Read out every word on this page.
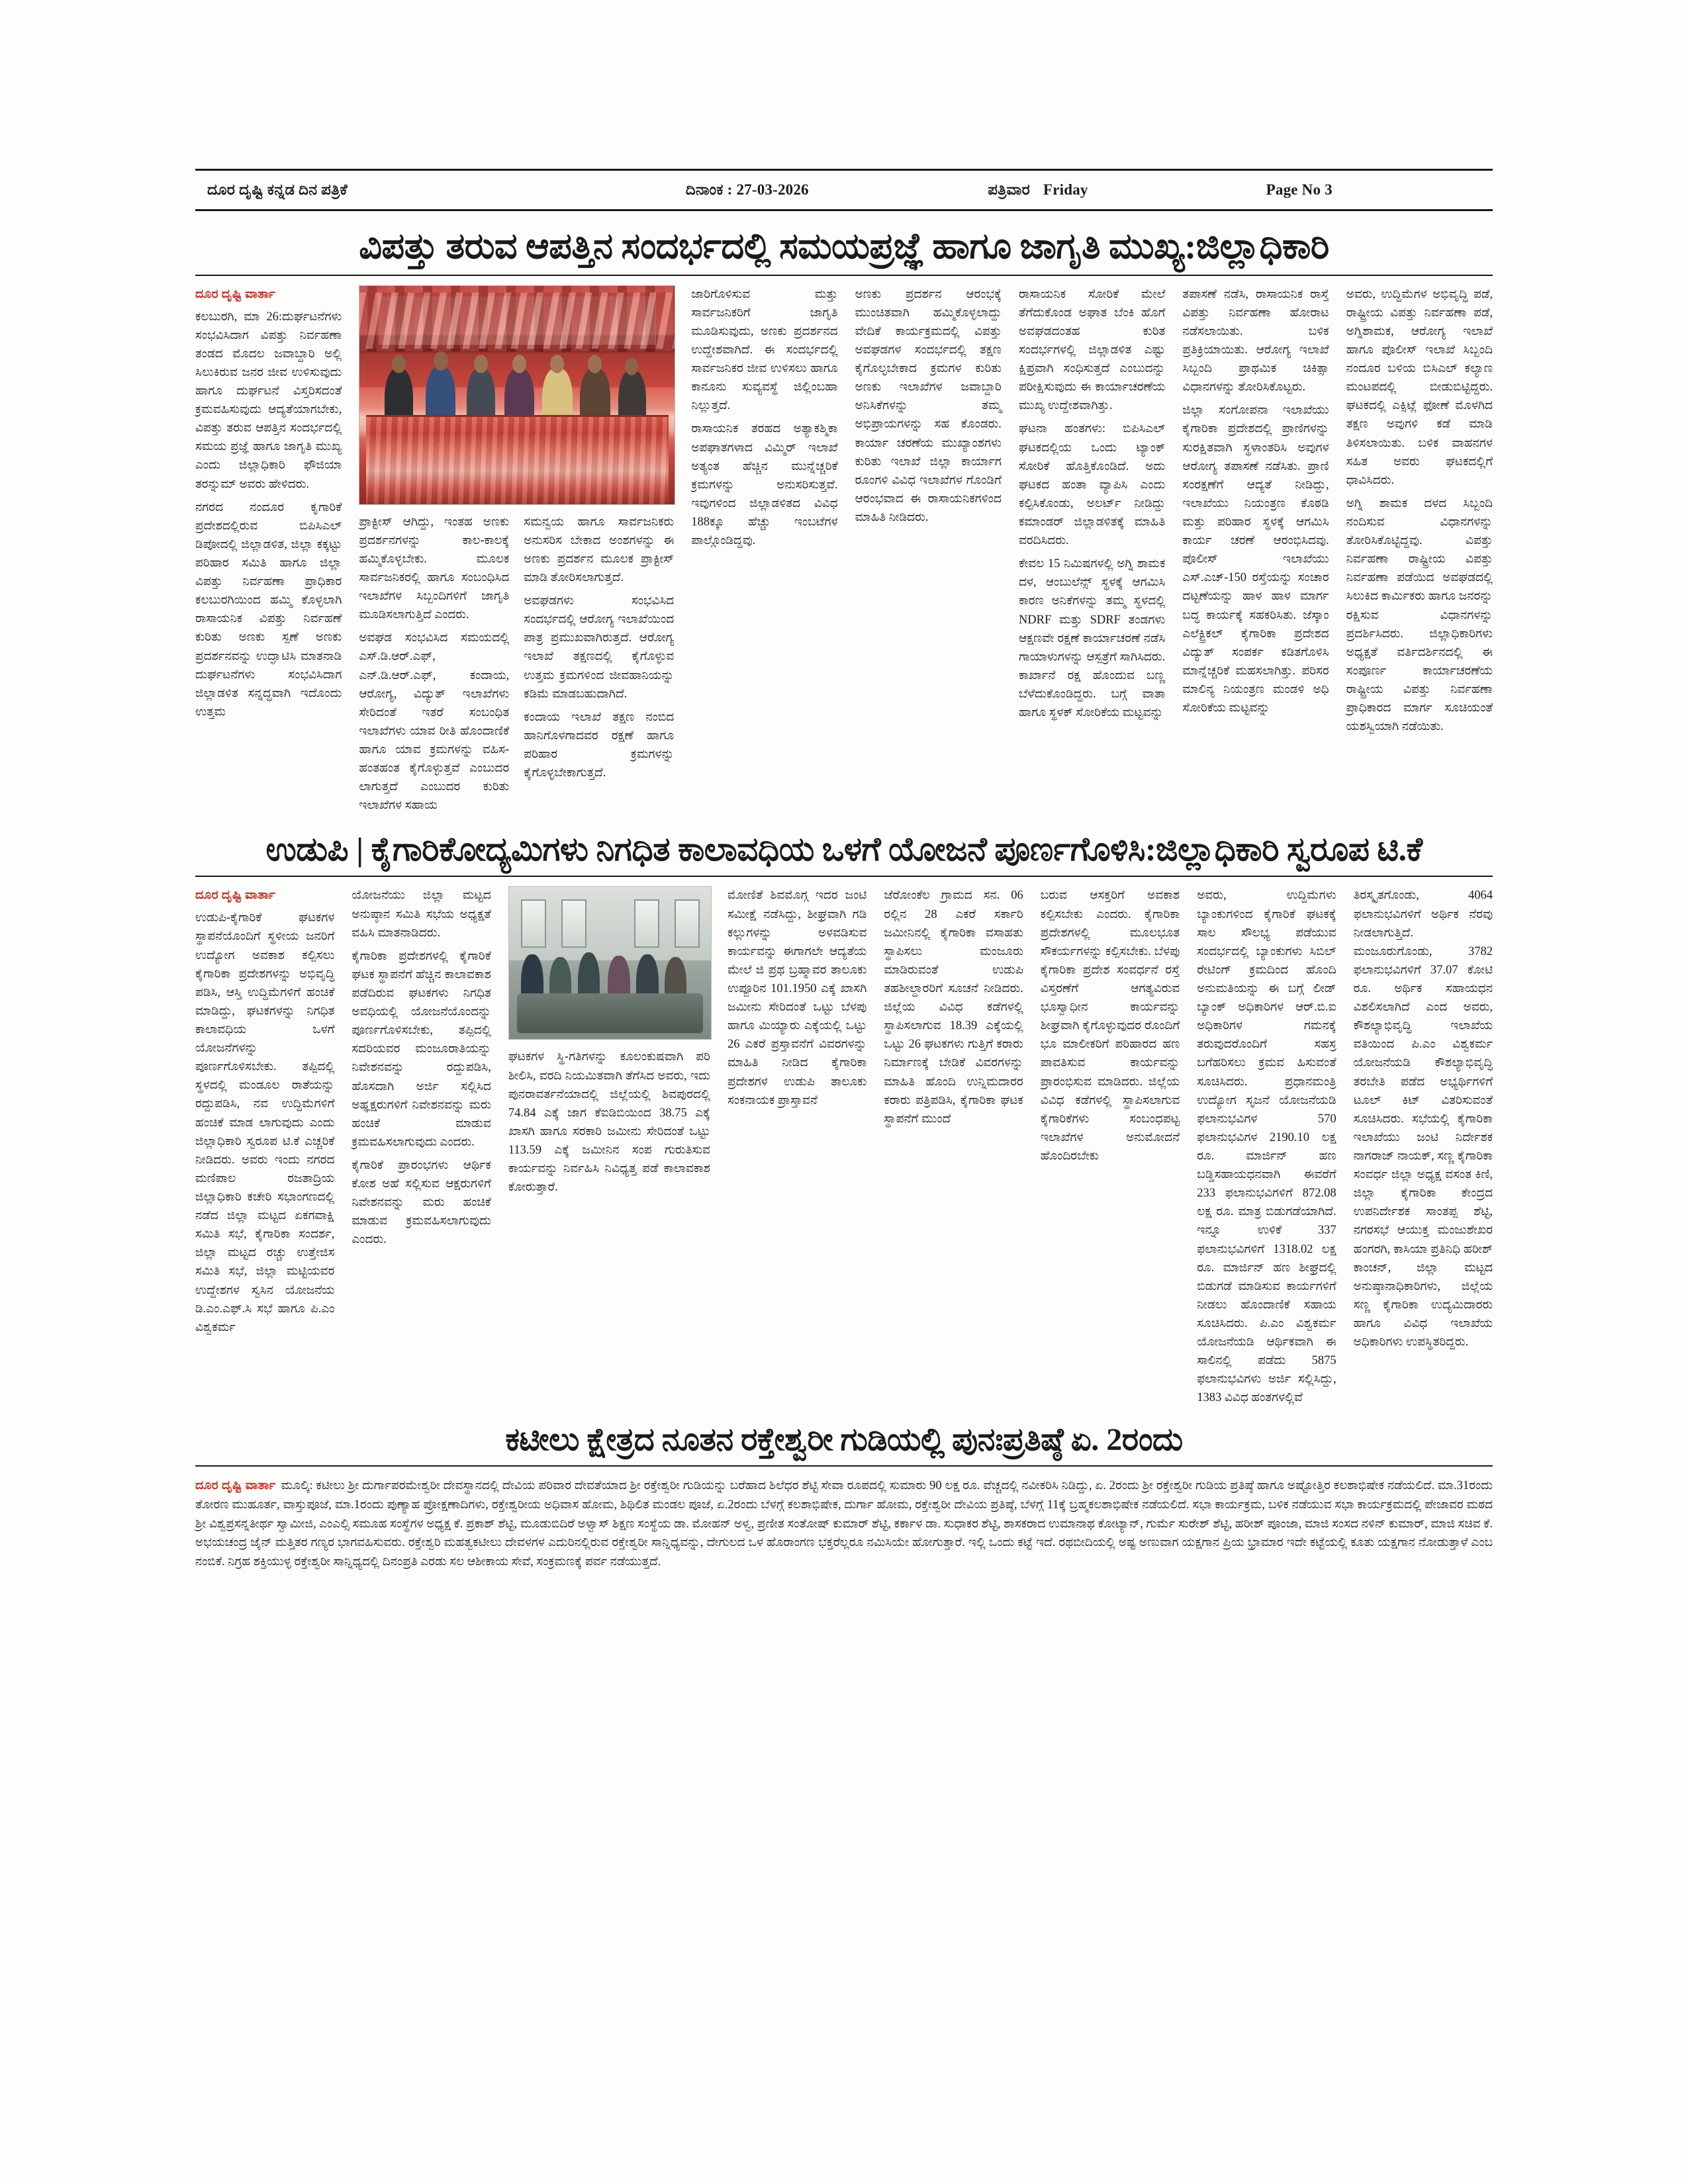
ದೂರ ದೃಷ್ಟಿ ಕನ್ನಡ ದಿನ ಪತ್ರಿಕೆ	ದಿನಾಂಕ : 27-03-2026	ಪತ್ರಿವಾರ Friday	Page No 3
ವಿಪತ್ತು ತರುವ ಆಪತ್ತಿನ ಸಂದರ್ಭದಲ್ಲಿ ಸಮಯಪ್ರಜ್ಞೆ ಹಾಗೂ ಜಾಗೃತಿ ಮುಖ್ಯ:ಜಿಲ್ಲಾಧಿಕಾರಿ
ದೂರ ದೃಷ್ಟಿ ವಾರ್ತಾ

ಕಲಬುರಗಿ, ಮಾ 26:ದುರ್ಘಟನೆಗಳು ಸಂಭವಿಸಿದಾಗ ವಿಪತ್ತು ನಿರ್ವಹಣಾ ತಂಡದ ಮೊದಲ ಜವಾಬ್ದಾರಿ ಅಲ್ಲಿ ಸಿಲುಕಿರುವ ಜನರ ಜೀವ ಉಳಿಸುವುದು ಹಾಗೂ ದುರ್ಘಟನೆ ವಿಸ್ತರಿಸದಂತೆ ಕ್ರಮವಹಿಸುವುದು ಆದ್ಯತೆಯಾಗಬೇಕು, ವಿಪತ್ತು ತರುವ ಆಪತ್ತಿನ ಸಂದರ್ಭದಲ್ಲಿ ಸಮಯ ಪ್ರಜ್ಞೆ ಹಾಗೂ ಜಾಗೃತಿ ಮುಖ್ಯ ಎಂದು ಜಿಲ್ಲಾಧಿಕಾರಿ ಫೌಜಿಯಾ ತರನ್ನುಮ್ ಅವರು ಹೇಳಿದರು.

ನಗರದ ನಂದೂರ ಕೃಗಾರಿಕೆ ಪ್ರದೇಶದಲ್ಲಿರುವ ಬಿಪಿಸಿಎಲ್ ಡಿಪೋದಲ್ಲಿ ಜಿಲ್ಲಾಡಳಿತ, ಜಿಲ್ಲಾ ಕಕ್ಕಟ್ಟು ಪರಿಹಾರ ಸಮಿತಿ ಹಾಗೂ ಜಿಲ್ಲಾ ವಿಪತ್ತು ನಿರ್ವಹಣಾ ಪ್ರಾಧಿಕಾರ ಕಲಬುರಗಿಯಿಂದ ಹಮ್ಮಿ ಕೊಳ್ಳಲಾಗಿ ರಾಸಾಯನಿಕ ವಿಪತ್ತು ನಿರ್ವಹಣೆ ಕುರಿತು ಅಣಕು ಸ್ಪಣೆ ಅಣಕು ಪ್ರದರ್ಶನವನ್ನು ಉದ್ಘಾಟಿಸಿ ಮಾತನಾಡಿ ದುರ್ಘಟನೆಗಳು ಸಂಭವಿಸಿದಾಗ ಜಿಲ್ಲಾಡಳಿತ ಸನ್ನದ್ಧವಾಗಿ ಇದೊಂದು ಉತ್ತಮ

ಪ್ರಾಕ್ಟೀಸ್ ಆಗಿದ್ದು, ಇಂತಹ ಅಣಕು ಪ್ರದರ್ಶನಗಳನ್ನು ಕಾಲ-ಕಾಲಕ್ಕೆ ಹಮ್ಮಿಕೊಳ್ಳಬೇಕು. ಮೂಲಕ ಸಾರ್ವಜನಿಕರಲ್ಲಿ ಹಾಗೂ ಸಂಬಂಧಿಸಿದ ಇಲಾಖೆಗಳ ಸಿಬ್ಬಂದಿಗಳಿಗೆ ಜಾಗೃತಿ ಮೂಡಿಸಲಾಗುತ್ತಿದೆ ಎಂದರು.

ಅವಘಡ ಸಂಭವಿಸಿದ ಸಮಯದಲ್ಲಿ ಎಸ್.ಡಿ.ಆರ್.ಎಫ್, ಎನ್.ಡಿ.ಆರ್.ಎಫ್, ಕಂದಾಯ, ಆರೋಗ್ಯ, ವಿದ್ಯುತ್ ಇಲಾಖೆಗಳು ಸೇರಿದಂತೆ ಇತರೆ ಸಂಬಂಧಿತ ಇಲಾಖೆಗಳು ಯಾವ ರೀತಿ ಹೊಂದಾಣಿಕೆ ಹಾಗೂ ಯಾವ ಕ್ರಮಗಳನ್ನು ವಹಿಸ-ಹಂತಹಂತ ಕೈಗೊಳ್ಳುತ್ತವೆ ಎಂಬುದರ ಲಾಗುತ್ತದೆ ಎಂಬುದರ ಕುರಿತು ಇಲಾಖೆಗಳ ಸಹಾಯ

ಸಮನ್ವಯ ಹಾಗೂ ಸಾರ್ವಜನಿಕರು ಅನುಸರಿಸ ಬೇಕಾದ ಅಂಶಗಳನ್ನು ಈ ಅಣಕು ಪ್ರದರ್ಶನ ಮೂಲಕ ಪ್ರಾಕ್ಟೀಸ್ ಮಾಡಿ ತೋರಿಸಲಾಗುತ್ತದೆ.

ಅವಘಡಗಳು ಸಂಭವಿಸಿದ ಸಂದರ್ಭದಲ್ಲಿ ಆರೋಗ್ಯ ಇಲಾಖೆಯಿಂದ ಪಾತ್ರ ಪ್ರಮುಖವಾಗಿರುತ್ತದೆ. ಆರೋಗ್ಯ ಇಲಾಖೆ ತಕ್ಷಣದಲ್ಲಿ ಕೈಗೊಳ್ಳುವ ಉತ್ತಮ ಕ್ರಮಗಳಿಂದ ಜೀವಹಾನಿಯನ್ನು ಕಡಿಮೆ ಮಾಡಬಹುದಾಗಿದೆ.

ಕಂದಾಯ ಇಲಾಖೆ ತಕ್ಷಣ ನಂಬಿದ ಹಾನಿಗೊಳಗಾದವರ ರಕ್ಷಣೆ ಹಾಗೂ ಪರಿಹಾರ ಕ್ರಮಗಳನ್ನು ಕೈಗೊಳ್ಳಬೇಕಾಗುತ್ತದೆ.

ಜಾರಿಗೊಳಿಸುವ ಮತ್ತು ಸಾರ್ವಜನಿಕರಿಗೆ ಜಾಗೃತಿ ಮೂಡಿಸುವುದು, ಅಣಕು ಪ್ರದರ್ಶನದ ಉದ್ದೇಶವಾಗಿದೆ. ಈ ಸಂದರ್ಭದಲ್ಲಿ ಸಾರ್ವಜನಿಕರ ಜೀವ ಉಳಿಸಲು ಹಾಗೂ ಕಾನೂನು ಸುವ್ಯವಸ್ಥೆ ಜಿಲ್ಲಿಂಬಹಾ ನಿಲ್ಲುತ್ತದೆ.

ರಾಸಾಯನಿಕ ತರಹದ ಅತ್ಯಾಕಶ್ಮಿಕಾ ಅಪಘಾತಗಳಾದ ವಿಮ್ಮಿರ್ ಇಲಾಖೆ ಅತ್ಯಂತ ಹೆಚ್ಚಿನ ಮುನ್ನೆಚ್ಚರಿಕೆ ಕ್ರಮಗಳನ್ನು ಅನುಸರಿಸುತ್ತವೆ. ಇವುಗಳಿಂದ ಜಿಲ್ಲಾಡಳಿತದ ವಿವಿಧ 188ಕ್ಕೂ ಹೆಚ್ಚು ಇಂಬಟೆಗಳ ಪಾಲ್ಗೊಂಡಿದ್ದವು.

ಅಣಕು ಪ್ರದರ್ಶನ ಆರಂಭಕ್ಕೆ ಮುಂಚಿತವಾಗಿ ಹಮ್ಮಿಕೊಳ್ಳಲಾದ್ದು ವೇದಿಕೆ ಕಾರ್ಯಕ್ರಮದಲ್ಲಿ ವಿಪತ್ತು ಅವಘಡಗಳ ಸಂದರ್ಭದಲ್ಲಿ ತಕ್ಷಣ ಕೈಗೊಲ್ಳಬೇಕಾದ ಕ್ರಮಗಳ ಕುರಿತು ಅಣಕು ಇಲಾಖೆಗಳ ಜವಾಬ್ದಾರಿ ಅನಿಸಿಕೆಗಳನ್ನು ತಮ್ಮ ಅಭಿಪ್ರಾಯಗಳನ್ನು ಸಹ ಕೊಂಡರು. ಕಾರ್ಯಾ ಚರಣೆಯ ಮುಖ್ಯಾಂಶಗಳು ಕುರಿತು ಇಲಾಖೆ ಜಿಲ್ಲಾ ಕಾರ್ಯಾಗ ರೂಂಗಳಿ ವಿವಿಧ ಇಲಾಖೆಗಳ ಗೊಂಡಿಗೆ ಆರಂಭವಾದ ಈ ರಾಸಾಯನಿಕಗಳಿಂದ ಮಾಹಿತಿ ನೀಡಿದರು.

ರಾಸಾಯನಿಕ ಸೋರಿಕೆ ಮೇಲೆ ತೆಗೆದುಕೊಂಡ ಅಘಾತ ಬೆಂಕಿ ಹೊಗೆ ಅವಘಡದಂತಹ ಕುರಿತ ಸಂದರ್ಭಗಳಲ್ಲಿ ಜಿಲ್ಲಾಡಳಿತ ಎಷ್ಟು ಕ್ಷಿಪ್ರವಾಗಿ ಸಂಧಿಸುತ್ತದೆ ಎಂಬುದನ್ನು ಪರೀಕ್ಷಿಸುವುದು ಈ ಕಾರ್ಯಾಚರಣೆಯ ಮುಖ್ಯ ಉದ್ದೇಶವಾಗಿತ್ತು.

ಘಟನಾ ಹಂತಗಳು: ಬಿಪಿಸಿಎಲ್ ಘಟಕದಲ್ಲಿಯ ಒಂದು ಟ್ಯಾಂಕ್ ಸೋರಿಕೆ ಹೊತ್ತಿಕೊಂಡಿದೆ. ಅದು ಘಟಕದ ಹಂತಾ ವ್ಯಾಪಿಸಿ ಎಂದು ಕಲ್ಪಿಸಿಕೊಂಡು, ಅಲರ್ಟ್ ನೀಡಿದ್ದು ಕಮಾಂಡರ್ ಜಿಲ್ಲಾಡಳಿತಕ್ಕೆ ಮಾಹಿತಿ ವರದಿಸಿದರು.

ಕೇವಲ 15 ನಿಮಿಷಗಳಲ್ಲಿ ಅಗ್ನಿ ಶಾಮಕ ದಳ, ಆಂಬುಲೆನ್ಸ್ ಸ್ಥಳಕ್ಕೆ ಆಗಮಿಸಿ ಕಾರಣ ಅನಿಕೆಗಳನ್ನು ತಮ್ಮ ಸ್ಥಳದಲ್ಲಿ NDRF ಮತ್ತು SDRF ತಂಡಗಳು ಆಕ್ಷಣವೇ ರಕ್ಷಣೆ ಕಾರ್ಯಾಚರಣೆ ನಡೆಸಿ ಗಾಯಾಳುಗಳನ್ನು ಆಸ್ಪತ್ರೆಗೆ ಸಾಗಿಸಿದರು. ಕಾರ್ಖಾನೆ ರಕ್ಷ ಹೊಂದುವ ಬಣ್ಣ ಬೆಳೆದುಕೊಂಡಿದ್ದರು. ಬಗ್ಗೆ ವಾತಾ ಹಾಗೂ ಸ್ಥಳಕ್ ಸೋರಿಕೆಯ ಮಟ್ಟವನ್ನು

ತಪಾಸಣೆ ನಡೆಸಿ, ರಾಸಾಯನಿಕ ರಾಸ್ತೆ ವಿಪತ್ತು ನಿರ್ವಹಣಾ ಹೋರಾಟ ನಡೆಸಲಾಯಿತು. ಬಳಿಕ ಪ್ರತಿಕ್ರಿಯಾಯಿತು. ಆರೋಗ್ಯ ಇಲಾಖೆ ಸಿಬ್ಬಂದಿ ಪ್ರಾಥಮಿಕ ಚಿಕಿತ್ಸಾ ವಿಧಾನಗಳನ್ನು ತೋರಿಸಿಕೊಟ್ಟರು.

ಜಿಲ್ಲಾ ಸಂಗೋಪನಾ ಇಲಾಖೆಯು ಕೈಗಾರಿಕಾ ಪ್ರದೇಶದಲ್ಲಿ ಪ್ರಾಣಿಗಳನ್ನು ಸುರಕ್ಷಿತವಾಗಿ ಸ್ಥಳಾಂತರಿಸಿ ಅವುಗಳ ಆರೋಗ್ಯ ತಪಾಸಣೆ ನಡೆಸಿತು. ಪ್ರಾಣಿ ಸಂರಕ್ಷಣೆಗೆ ಆದ್ಯತೆ ನೀಡಿದ್ದು, ಇಲಾಖೆಯು ನಿಯಂತ್ರಣ ಕೊಠಡಿ ಮತ್ತು ಪರಿಹಾರ ಸ್ಥಳಕ್ಕೆ ಆಗಮಿಸಿ ಕಾರ್ಯ ಚರಣೆ ಆರಂಭಿಸಿದವು. ಪೊಲೀಸ್ ಇಲಾಖೆಯು ಎಸ್.ಎಚ್-150 ರಸ್ತೆಯನ್ನು ಸಂಚಾರ ದಟ್ಟಣೆಯನ್ನು ಹಾಳ ಹಾಳ ಮಾರ್ಗ ಬದ್ಧ ಕಾರ್ಯಕ್ಕೆ ಸಹಕರಿಸಿತು. ಜೆಸ್ಕಾಂ ಎಲೆಕ್ಟ್ರಿಕಲ್ ಕೈಗಾರಿಕಾ ಪ್ರದೇಶದ ವಿದ್ಯುತ್ ಸಂಪರ್ಕ ಕಡಿತಗೊಳಿಸಿ ಮಾನ್ನೆಚ್ಚರಿಕೆ ಮಹಸಲಾಗಿತ್ತು. ಪರಿಸರ ಮಾಲಿನ್ಯ ನಿಯಂತ್ರಣ ಮಂಡಳಿ ಅಧಿ ಸೋರಿಕೆಯ ಮಟ್ಟವನ್ನು

ಅವರು, ಉದ್ದಿಮೆಗಳ ಅಭಿವೃದ್ಧಿ ಪಡೆ, ರಾಷ್ಟ್ರೀಯ ವಿಪತ್ತು ನಿರ್ವಹಣಾ ಪಡೆ, ಅಗ್ನಿಶಾಮಕ, ಆರೋಗ್ಯ ಇಲಾಖೆ ಹಾಗೂ ಪೊಲೀಸ್ ಇಲಾಖೆ ಸಿಬ್ಬಂದಿ ನಂದೂರ ಬಳಿಯ ಬಿಸಿಎಲ್ ಕಲ್ಯಾಣ ಮಂಟಪದಲ್ಲಿ ಬೀಡುಬಿಟ್ಟಿದ್ದರು. ಘಟಕದಲ್ಲಿ ಎಕ್ಸಿಟ್ಲೆ ಫೋಣೆ ಮೊಳಗಿದ ತಕ್ಷಣ ಅವುಗಳಿ ಕಡೆ ಮಾಡಿ ತಿಳಿಸಲಾಯಿತು. ಬಳಿಕ ವಾಹನಗಳ ಸಹಿತ ಅವರು ಘಟಕದಲ್ಲಿಗೆ ಧಾವಿಸಿದರು.

ಅಗ್ನಿ ಶಾಮಕ ದಳದ ಸಿಬ್ಬಂದಿ ನಂದಿಸುವ ವಿಧಾನಗಳನ್ನು ತೋರಿಸಿಕೊಟ್ಟಿದ್ದವು. ವಿಪತ್ತು ನಿರ್ವಹಣಾ ರಾಷ್ಟ್ರೀಯ ವಿಪತ್ತು ನಿರ್ವಹಣಾ ಪಡೆಯಿದ ಅವಘಡದಲ್ಲಿ ಸಿಲುಕಿದ ಕಾರ್ಮಿಕರು ಹಾಗೂ ಜನರನ್ನು ರಕ್ಷಿಸುವ ವಿಧಾನಗಳನ್ನು ಪ್ರದರ್ಶಿಸಿದರು. ಜಿಲ್ಲಾಧಿಕಾರಿಗಳು ಅಧ್ಯಕ್ಷತೆ ವರ್ತಿದರ್ಶಿನದಲ್ಲಿ ಈ ಸಂಪೂರ್ಣ ಕಾರ್ಯಾಚರಣೆಯ ರಾಷ್ಟ್ರೀಯ ವಿಪತ್ತು ನಿರ್ವಹಣಾ ಪ್ರಾಧಿಕಾರದ ಮಾರ್ಗ ಸೂಚಿಯಂತೆ ಯಶಸ್ವಿಯಾಗಿ ನಡೆಯಿತು.

ಉಡುಪಿ | ಕೈಗಾರಿಕೋದ್ಯಮಿಗಳು ನಿಗಧಿತ ಕಾಲಾವಧಿಯ ಒಳಗೆ ಯೋಜನೆ ಪೂರ್ಣಗೊಳಿಸಿ:ಜಿಲ್ಲಾಧಿಕಾರಿ ಸ್ವರೂಪ ಟಿ.ಕೆ
ದೂರ ದೃಷ್ಟಿ ವಾರ್ತಾ

ಉಡುಪಿ-ಕೈಗಾರಿಕೆ ಘಟಕಗಳ ಸ್ಥಾಪನೆಯೊಂದಿಗೆ ಸ್ಥಳೀಯ ಜನರಿಗೆ ಉದ್ಯೋಗ ಅವಕಾಶ ಕಲ್ಪಿಸಲು ಕೈಗಾರಿಕಾ ಪ್ರದೇಶಗಳನ್ನು ಅಭಿವೃದ್ಧಿ ಪಡಿಸಿ, ಆಸ್ತಿ ಉದ್ದಿಮೆಗಳಿಗೆ ಹಂಚಿಕೆ ಮಾಡಿದ್ದು, ಘಟಕಗಳನ್ನು ನಿಗಧಿತ ಕಾಲಾವಧಿಯ ಒಳಗೆ ಯೋಜನೆಗಳನ್ನು ಪೂರ್ಣಗೊಳಿಸಬೇಕು. ತಪ್ಪಿದಲ್ಲಿ ಸ್ಥಳದಲ್ಲಿ ಮಂಡೂಲ ರಾತೆಯನ್ನು ರದ್ದುಪಡಿಸಿ, ನವ ಉದ್ದಿಮೆಗಳಿಗೆ ಹಂಚಿಕೆ ಮಾಡ ಲಾಗುವುದು ಎಂದು ಜಿಲ್ಲಾಧಿಕಾರಿ ಸ್ವರೂಪ ಟಿ.ಕೆ ಎಚ್ಚರಿಕೆ ನೀಡಿದರು. ಅವರು ಇಂದು ನಗರದ ಮಣಿಪಾಲ ರಜತಾದ್ರಿಯ ಜಿಲ್ಲಾಧಿಕಾರಿ ಕಚೇರಿ ಸಭಾಂಗಣದಲ್ಲಿ ನಡೆದ ಜಿಲ್ಲಾ ಮಟ್ಟದ ಏಕಗವಾಕ್ಷಿ ಸಮಿತಿ ಸಭೆ, ಕೈಗಾರಿಕಾ ಸಂದರ್ಶ, ಜಿಲ್ಲಾ ಮಟ್ಟದ ರಚ್ಚು ಉತ್ತೇಜಿಸ ಸಮಿತಿ ಸಭೆ, ಜಿಲ್ಲಾ ಮಟ್ಟಿಯವರ ಉದ್ದೇಶಗಳ ಸ್ವಸಿನ ಯೋಜನೆಯ ಡಿ.ಎಂ.ಎಫ್.ಸಿ ಸಭೆ ಹಾಗೂ ಪಿ.ಎಂ ವಿಶ್ವಕರ್ಮ

ಯೋಜನೆಯು ಜಿಲ್ಲಾ ಮಟ್ಟದ ಅನುಷ್ಠಾನ ಸಮಿತಿ ಸಭೆಯ ಅಧ್ಯಕ್ಷತೆ ವಹಿಸಿ ಮಾತನಾಡಿದರು.

ಕೈಗಾರಿಕಾ ಪ್ರದೇಶಗಳಲ್ಲಿ ಕೈಗಾರಿಕೆ ಘಟಕ ಸ್ಥಾಪನೆಗೆ ಹೆಚ್ಚಿನ ಕಾಲಾವಕಾಶ ಪಡೆದಿರುವ ಘಟಕಗಳು ನಿಗಧಿತ ಅವಧಿಯಲ್ಲಿ ಯೋಜನೆಯೊಂದನ್ನು ಪೂರ್ಣಗೊಳಿಸಬೇಕು, ತಪ್ಪಿದಲ್ಲಿ ಸದರಿಯವರ ಮಂಜೂರಾತಿಯನ್ನು ನಿವೇಶನವನ್ನು ರದ್ದುಪಡಿಸಿ, ಹೊಸದಾಗಿ ಅರ್ಜಿ ಸಲ್ಲಿಸಿದ ಅಹ್ಞಕ್ಷರುಗಳಿಗೆ ನಿವೇಶನವನ್ನು ಮರು ಹಂಚಿಕೆ ಮಾಡುವ ಕ್ರಮವಹಿಸಲಾಗುವುದು ಎಂದರು.

ಕೈಗಾರಿಕೆ ಪ್ರಾರಂಭಗಳು ಆರ್ಥಿಕ ಕೋಶ ಅಹೆ ಸಲ್ಲಿಸುವ ಆಕ್ಷರುಗಳಿಗೆ ನಿವೇಶನವನ್ನು ಮರು ಹಂಚಿಕೆ ಮಾಡುವ ಕ್ರಮವಹಿಸಲಾಗುವುದು ಎಂದರು.

ಘಟಕಗಳ ಸ್ಥಿ-ಗತಿಗಳನ್ನು ಕೂಲಂಕುಷವಾಗಿ ಪರಿ ಶೀಲಿಸಿ, ವರದಿ ನಿಯಮಿತವಾಗಿ ತೆಗೆಸಿದ ಅವರು, ಇದು ಪುನರಾವರ್ತನೆಯಾದಲ್ಲಿ ಜಿಲ್ಲೆಯಲ್ಲಿ ಶಿವಪುರದಲ್ಲಿ 74.84 ಎಕ್ಕೆ ಜಾಗ ಕೆಐಡಿಬಿಯಿಂದ 38.75 ಎಕ್ಕೆ ಖಾಸಗಿ ಹಾಗೂ ಸರಕಾರಿ ಜಮೀನು ಸೇರಿದಂತೆ ಒಟ್ಟು 113.59 ಎಕ್ಕೆ ಜಮೀನಿನ ಸಂಪ ಗುರುತಿಸುವ ಕಾರ್ಯವನ್ನು ನಿರ್ವಹಿಸಿ ನಿವಿಧ್ಯತ್ತ ಪಡೆ ಕಾಲಾವಕಾಶ ಕೋರುತ್ತಾರೆ.

ಮೋಣಿತೆ ಶಿವಮೊಗ್ಗ ಇದರ ಜಂಟಿ ಸಮೀಕ್ಷೆ ನಡೆಸಿದ್ದು, ಶೀಘ್ರವಾಗಿ ಗಡಿ ಕಲ್ಲುಗಳನ್ನು ಅಳವಡಿಸುವ ಕಾರ್ಯವನ್ನು ಈಗಾಗಲೇ ಆದ್ಯತೆಯ ಮೇಲೆ ಜಿ ಪ್ರಥ ಬ್ರಹ್ಮಾವರ ತಾಲೂಕು ಉಪ್ಪೂರಿನ 101.1950 ಎಕ್ಕೆ ಖಾಸಗಿ ಜಮೀನು ಸೇರಿದಂತೆ ಒಟ್ಟು ಬೆಳಪು ಹಾಗೂ ಮಿಯ್ಯಾರು ಎಕ್ಕೆಯಲ್ಲಿ ಒಟ್ಟು 26 ಎಕರೆ ಪ್ರಸ್ತಾವನೆಗೆ ವಿವರಗಳನ್ನು ಮಾಹಿತಿ ನೀಡಿದ ಕೈಗಾರಿಕಾ ಪ್ರದೇಶಗಳ ಉಡುಪಿ ತಾಲೂಕು ಸಂಕನಾಯಕ ಪ್ರಾಸ್ತಾವನೆ

ಜೆರೋಂಕೆಲ ಗ್ರಾಮದ ಸನ. 06 ರಲ್ಲಿನ 28 ಎಕರೆ ಸರ್ಕಾರಿ ಜಮೀನಿನಲ್ಲಿ ಕೈಗಾರಿಕಾ ವಸಾಹತು ಸ್ಥಾಪಿಸಲು ಮಂಜೂರು ಮಾಡಿರುವಂತೆ ಉಡುಪಿ ತಹಶೀಲ್ದಾರರಿಗೆ ಸೂಚನೆ ನೀಡಿದರು. ಜಿಲ್ಲೆಯ ವಿವಿಧ ಕಡೆಗಳಲ್ಲಿ ಸ್ಥಾಪಿಸಲಾಗುವ 18.39 ಎಕ್ಕೆಯಲ್ಲಿ ಒಟ್ಟು 26 ಘಟಕಗಳು ಗುತ್ತಿಗೆ ಕರಾರು ನಿರ್ಮಾಣಕ್ಕೆ ಬೇಡಿಕೆ ವಿವರಗಳನ್ನು ಮಾಹಿತಿ ಹೊಂದಿ ಉನ್ನಿಮದಾರರ ಕರಾರು ಪತ್ರಿಪಡಿಸಿ, ಕೈಗಾರಿಕಾ ಘಟಕ ಸ್ಥಾಪನೆಗೆ ಮುಂದೆ

ಬರುವ ಆಸಕ್ತರಿಗೆ ಅವಕಾಶ ಕಲ್ಪಿಸಬೇಕು ಎಂದರು. ಕೈಗಾರಿಕಾ ಪ್ರದೇಶಗಳಲ್ಲಿ ಮೂಲಭೂತ ಸೌಕರ್ಯಗಳನ್ನು ಕಲ್ಪಿಸಬೇಕು. ಬೆಳಪು ಕೈಗಾರಿಕಾ ಪ್ರದೇಶ ಸಂವರ್ಧನೆ ರಸ್ತೆ ವಿಸ್ತರಣೆಗೆ ಆಗತ್ಯವಿರುವ ಭೂಸ್ವಾಧೀನ ಕಾರ್ಯವನ್ನು ಶೀಘ್ರವಾಗಿ ಕೈಗೊಳ್ಳುವುದರ ರೊಂದಿಗೆ ಭೂ ಮಾಲೀಕರಿಗೆ ಪರಿಹಾರದ ಹಣ ಪಾವತಿಸುವ ಕಾರ್ಯವನ್ನು ಪ್ರಾರಂಭಿಸುವ ಮಾಡಿದರು. ಜಿಲ್ಲೆಯ ವಿವಿಧ ಕಡೆಗಳಲ್ಲಿ ಸ್ಥಾಪಿಸಲಾಗುವ ಕೈಗಾರಿಕೆಗಳು ಸಂಬಂಧಪಟ್ಟ ಇಲಾಖೆಗಳ ಅನುಮೋದನೆ ಹೊಂದಿರಬೇಕು

ಅವರು, ಉದ್ದಿಮೆಗಳು ಬ್ಯಾಂಕುಗಳಿಂದ ಕೈಗಾರಿಕೆ ಘಟಕಕ್ಕೆ ಸಾಲ ಸೌಲಭ್ಯ ಪಡೆಯುವ ಸಂದರ್ಭದಲ್ಲಿ ಬ್ಯಾಂಕುಗಳು ಸಿಬಿಲ್ ರೇಟಿಂಗ್ ಕ್ರಮದಿಂದ ಹೊಂದಿ ಅನುಮತಿಯನ್ನು ಈ ಬಗ್ಗೆ ಲೀಡ್ ಬ್ಯಾಂಕ್ ಅಧಿಕಾರಿಗಳ ಆರ್.ಬಿ.ಐ ಅಧಿಕಾರಿಗಳ ಗಮನಕ್ಕೆ ತರುವುದರೊಂದಿಗೆ ಸಹಸ್ರ ಬಗೆಹರಿಸಲು ಕ್ರಮವ ಹಿಸುವಂತೆ ಸೂಚಿಸಿದರು. ಪ್ರಧಾನಮಂತ್ರಿ ಉದ್ಯೋಗ ಸೃಜನೆ ಯೋಜನೆಯಡಿ ಫಲಾನುಭವಿಗಳ 570 ಫಲಾನುಭವಿಗಳ 2190.10 ಲಕ್ಷ ರೂ. ಮಾರ್ಜಿನ್ ಹಣ ಬಡ್ಡಿಸಹಾಯಧನವಾಗಿ ಈವರೆಗೆ 233 ಫಲಾನುಭವಿಗಳಿಗೆ 872.08 ಲಕ್ಷ ರೂ. ಮಾತ್ರ ಬಿಡುಗಡೆಯಾಗಿದೆ. ಇನ್ನೂ ಉಳಿಕೆ 337 ಫಲಾನುಭವಿಗಳಿಗೆ 1318.02 ಲಕ್ಷ ರೂ. ಮಾರ್ಜಿನ್ ಹಣ ಶೀಘ್ರದಲ್ಲಿ ಬಿಡುಗಡೆ ಮಾಡಿಸುವ ಕಾರ್ಯಗಳಿಗೆ ನೀಡಲು ಹೊಂದಾಣಿಕೆ ಸಹಾಯ ಸೂಚಿಸಿದರು. ಪಿ.ಎಂ ವಿಶ್ವಕರ್ಮ ಯೋಜನೆಯಡಿ ಆರ್ಥಿಕವಾಗಿ ಈ ಸಾಲಿನಲ್ಲಿ ಪಡೆದು 5875 ಫಲಾನುಭವಿಗಳು ಅರ್ಜಿ ಸಲ್ಲಿಸಿದ್ದು, 1383 ವಿವಿಧ ಹಂತಗಳಲ್ಲಿವೆ

ತಿರಸ್ಕೃತಗೊಂಡು, 4064 ಫಲಾನುಭವಿಗಳಿಗೆ ಅರ್ಥಿಕ ನೆರವು ನೀಡಲಾಗುತ್ತಿದೆ. ಮಂಜೂರುಗೊಂಡು, 3782 ಫಲಾನುಭವಿಗಳಿಗೆ 37.07 ಕೋಟಿ ರೂ. ಅರ್ಥಿಕ ಸಹಾಯಧನ ವಿಶಲಿಸಲಾಗಿದೆ ಎಂದ ಅವರು, ಕೌಶಲ್ಯಾಭಿವೃದ್ಧಿ ಇಲಾಖೆಯ ವತಿಯಿಂದ ಪಿ.ಎಂ ವಿಶ್ವಕರ್ಮ ಯೋಜನೆಯಡಿ ಕೌಶಲ್ಯಾಭಿವೃದ್ಧಿ ತರಬೇತಿ ಪಡೆದ ಅಭ್ಯರ್ಥಿಗಳಿಗೆ ಟೂಲ್ ಕಿಟ್ ವಿತರಿಸುವಂತೆ ಸೂಚಿಸಿದರು. ಸಭೆಯಲ್ಲಿ ಕೈಗಾರಿಕಾ ಇಲಾಖೆಯು ಜಂಟಿ ನಿರ್ದೇಶಕ ನಾಗರಾಜ್ ನಾಯಕ್, ಸಣ್ಣ ಕೈಗಾರಿಕಾ ಸಂವರ್ಧ ಜಿಲ್ಲಾ ಅಧ್ಯಕ್ಷ ವಸಂತ ಕಿಣಿ, ಜಿಲ್ಲಾ ಕೈಗಾರಿಕಾ ಕೇಂದ್ರದ ಉಪನಿರ್ದೇಶಕ ಸಾಂತಪ್ಪ ಶೆಟ್ಟಿ, ನಗರಸಭೆ ಆಯುಕ್ತ ಮಂಜುಶೇಖರ ಹಂಗರಗಿ, ಕಾಸಿಯಾ ಪ್ರತಿನಿಧಿ ಹರೀಶ್ ಕಾಂಚನ್, ಜಿಲ್ಲಾ ಮಟ್ಟದ ಅನುಷ್ಠಾನಾಧಿಕಾರಿಗಳು, ಜಿಲ್ಲೆಯ ಸಣ್ಣ ಕೈಗಾರಿಕಾ ಉದ್ಯಮಿದಾರರು ಹಾಗೂ ವಿವಿಧ ಇಲಾಖೆಯ ಅಧಿಕಾರಿಗಳು ಉಪಸ್ಥಿತರಿದ್ದರು.

ಕಟೀಲು ಕ್ಷೇತ್ರದ ನೂತನ ರಕ್ತೇಶ್ವರೀ ಗುಡಿಯಲ್ಲಿ ಪುನಃಪ್ರತಿಷ್ಠೆ ಏ. 2ರಂದು
ದೂರ ದೃಷ್ಟಿ ವಾರ್ತಾ ಮೂಲ್ಕಿ: ಕಟೀಲು ಶ್ರೀ ದುರ್ಗಾಪರಮೇಶ್ವರೀ ದೇವಸ್ಥಾನದಲ್ಲಿ ದೇವಿಯ ಪರಿವಾರ ದೇವತೆಯಾದ ಶ್ರೀ ರಕ್ತೇಶ್ವರೀ ಗುಡಿಯನ್ನು ಬರೆಹಾದ ಶಿಲೆಧರ ಶೆಟ್ಟಿ ಸೇವಾ ರೂಪದಲ್ಲಿ ಸುಮಾರು 90 ಲಕ್ಷ ರೂ. ವೆಚ್ಚದಲ್ಲಿ ನವೀಕರಿಸಿ ನಿಡಿದ್ದು, ಏ. 2ರಂದು ಶ್ರೀ ರಕ್ತೇಶ್ವರೀ ಗುಡಿಯ ಪ್ರತಿಷ್ಠೆ ಹಾಗೂ ಅಷ್ಟೋತ್ತಿರ ಕಲಶಾಭಿಷೇಕ ನಡೆಯಲಿದೆ. ಮಾ.31ರಂದು ತೋರಣ ಮುಹೂರ್ತ, ವಾಸ್ತುಪೂಜೆ, ಮಾ.1ರಂದು ಪುಣ್ಯಾಹ ಪ್ರೋಕ್ಷಣಾದಿಗಳು, ರಕ್ತೇಶ್ವರೀಯ ಅಧಿವಾಸ ಹೋಮ, ಶಿಥಿಲಿತ ಮಂಡಲ ಪೂಜೆ, ಏ.2ರಂದು ಬೆಳಗ್ಗೆ ಕಲಶಾಭಿಷೇಕ, ದುರ್ಗಾ ಹೋಮ, ರಕ್ತೇಶ್ವರೀ ದೇವಿಯ ಪ್ರತಿಷ್ಠೆ, ಬೆಳಗ್ಗೆ 11ಕ್ಕೆ ಬ್ರಹ್ಮಕಲಶಾಭಿಷೇಕ ನಡೆಯಲಿದೆ. ಸಭಾ ಕಾರ್ಯಕ್ರಮ, ಬಳಿಕ ನಡೆಯುವ ಸಭಾ ಕಾರ್ಯಕ್ರಮದಲ್ಲಿ ಪೇಜಾವರ ಮಠದ ಶ್ರೀ ವಿಶ್ವಪ್ರಸನ್ನತೀರ್ಥ ಸ್ವಾಮೀಜಿ, ಎಂಎಲ್ಸಿ ಸಮೂಹ ಸಂಸ್ಥೆಗಳ ಅಧ್ಯಕ್ಷ ಕೆ. ಪ್ರಕಾಶ್ ಶೆಟ್ಟಿ, ಮೂಡುಬಿದಿರೆ ಅಳ್ವಾಸ್ ಶಿಕ್ಷಣ ಸಂಸ್ಥೆಯ ಡಾ. ಮೋಹನ್ ಅಳ್ವ, ಪ್ರಣೀತ ಸಂತೋಷ್ ಕುಮಾರ್ ಶೆಟ್ಟಿ, ಕರ್ಕಾಳ ಡಾ. ಸುಧಾಕರ ಶೆಟ್ಟಿ, ಶಾಸಕರಾದ ಉಮಾನಾಥ ಕೋಟ್ಯಾನ್, ಗುರ್ಮೆ ಸುರೇಶ್ ಶೆಟ್ಟಿ, ಹರೀಶ್ ಪೂಂಜಾ, ಮಾಜಿ ಸಂಸದ ನಳಿನ್ ಕುಮಾರ್, ಮಾಜಿ ಸಚಿವ ಕೆ. ಅಭಯಚಂದ್ರ ಜೈನ್ ಮತ್ತಿತರ ಗಣ್ಯರ ಭಾಗವಹಿಸುವರು. ರಕ್ತೇಶ್ವರಿ ಮಹತ್ವಕಟೀಲು ದೇವಳಗಳ ಎದುರಿನಲ್ಲಿರುವ ರಕ್ತೇಶ್ವರೀ ಸಾನ್ನಿಧ್ಯವನ್ನು, ದೇಗುಲದ ಒಳ ಹೊರಾಂಗಣ ಭಕ್ತರೆಲ್ಲರೂ ನಮಿಸಿಯೇ ಹೋಗುತ್ತಾರೆ. ಇಲ್ಲಿ ಒಂದು ಕಟ್ಟೆ ಇದೆ. ರಥಬೀದಿಯಲ್ಲಿ ಅಷ್ಟ ಅಣುವಾಗ ಯಕ್ಷಗಾನ ಪ್ರಿಯ ಭ್ರಾಮಾರ ಇದೇ ಕಟ್ಟೆಯಲ್ಲಿ ಕೂತು ಯಕ್ಷಗಾನ ನೋಡುತ್ತಾಳೆ ಎಂಬ ನಂಬಿಕೆ. ನಿಗ್ರಹ ಶಕ್ತಿಯುಳ್ಳ ರಕ್ತೇಶ್ವರೀ ಸಾನ್ನಿಧ್ಯದಲ್ಲಿ ದಿನಂಪ್ರತಿ ಎರಡು ಸಲ ಆಶೀಕಾಯ ಸೇವೆ, ಸಂಕ್ರಮಣಕ್ಕೆ ಪರ್ವ ನಡೆಯುತ್ತದೆ.
